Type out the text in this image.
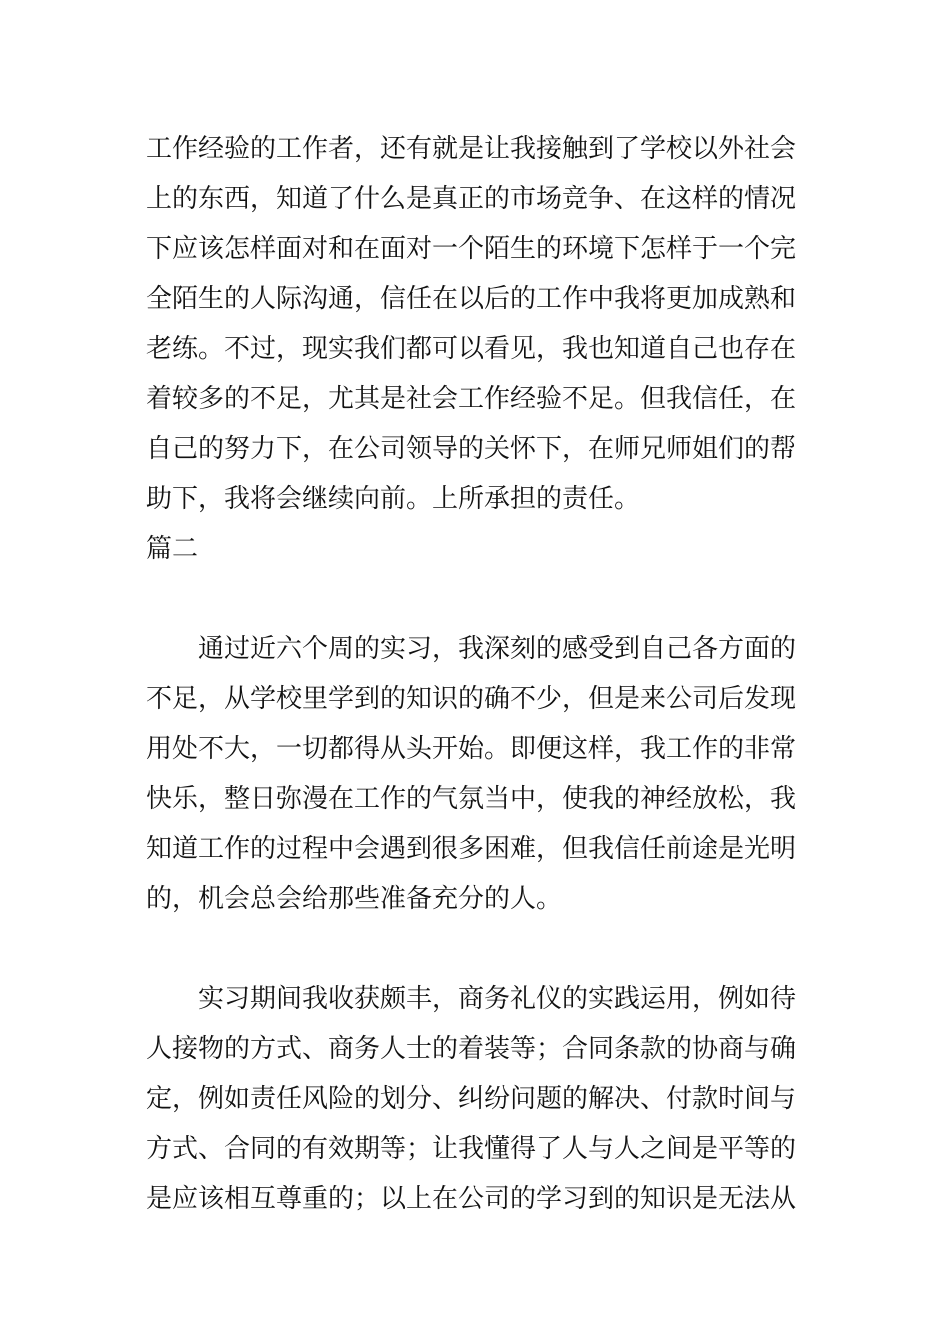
工作经验的工作者，还有就是让我接触到了学校以外社会
上的东西，知道了什么是真正的市场竞争、在这样的情况
下应该怎样面对和在面对一个陌生的环境下怎样于一个完
全陌生的人际沟通，信任在以后的工作中我将更加成熟和
老练。不过，现实我们都可以看见，我也知道自己也存在
着较多的不足，尤其是社会工作经验不足。但我信任，在
自己的努力下，在公司领导的关怀下，在师兄师姐们的帮
助下，我将会继续向前。上所承担的责任。
篇二
通过近六个周的实习，我深刻的感受到自己各方面的
不足，从学校里学到的知识的确不少，但是来公司后发现
用处不大，一切都得从头开始。即便这样，我工作的非常
快乐，整日弥漫在工作的气氛当中，使我的神经放松，我
知道工作的过程中会遇到很多困难，但我信任前途是光明
的，机会总会给那些准备充分的人。
实习期间我收获颇丰，商务礼仪的实践运用，例如待
人接物的方式、商务人士的着装等；合同条款的协商与确
定，例如责任风险的划分、纠纷问题的解决、付款时间与
方式、合同的有效期等；让我懂得了人与人之间是平等的
是应该相互尊重的；以上在公司的学习到的知识是无法从
